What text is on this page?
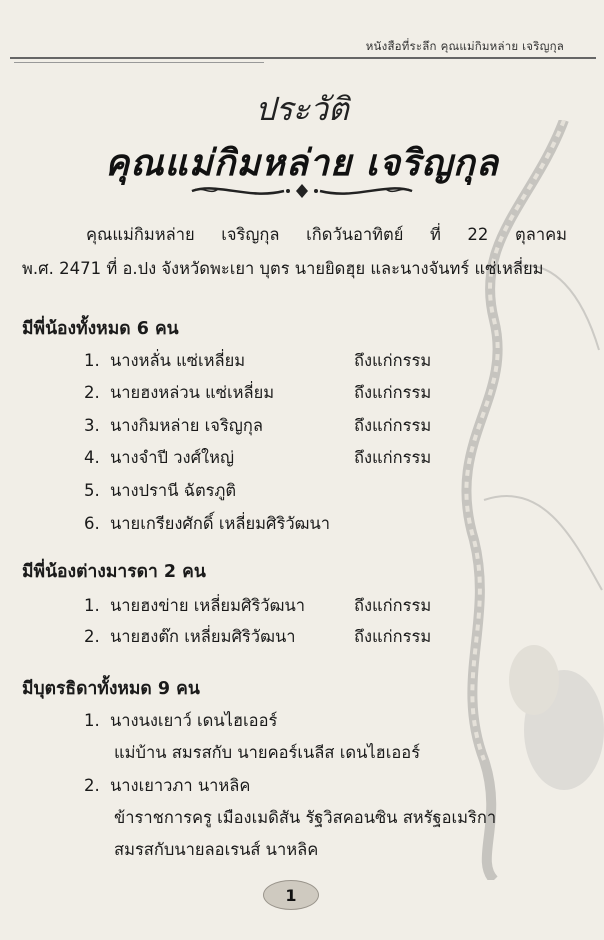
หนังสือที่ระลึก คุณแม่กิมหล่าย เจริญกุล
ประวัติ
คุณแม่กิมหล่าย เจริญกุล
คุณแม่กิมหล่าย เจริญกุล เกิดวันอาทิตย์ ที่ 22 ตุลาคม
พ.ศ. 2471 ที่ อ.ปง จังหวัดพะเยา บุตร นายยิดฮุย และนางจันทร์ แซ่เหลี่ยม
มีพี่น้องทั้งหมด 6 คน
1. นางหลั่น แซ่เหลี่ยม	ถึงแก่กรรม
2. นายฮงหล่วน แซ่เหลี่ยม	ถึงแก่กรรม
3. นางกิมหล่าย เจริญกุล	ถึงแก่กรรม
4. นางจำปี วงศ์ใหญ่	ถึงแก่กรรม
5. นางปรานี ฉัตรภูติ
6. นายเกรียงศักดิ์ เหลี่ยมศิริวัฒนา
มีพี่น้องต่างมารดา 2 คน
1. นายฮงข่าย เหลี่ยมศิริวัฒนา	ถึงแก่กรรม
2. นายฮงต๊ก เหลี่ยมศิริวัฒนา	ถึงแก่กรรม
มีบุตรธิดาทั้งหมด 9 คน
1. นางนงเยาว์ เดนไฮเออร์
แม่บ้าน สมรสกับ นายคอร์เนลีส เดนไฮเออร์
2. นางเยาวภา นาหลิค
ข้าราชการครู เมืองเมดิสัน รัฐวิสคอนซิน สหรัฐอเมริกา
สมรสกับนายลอเรนส์ นาหลิค
1
